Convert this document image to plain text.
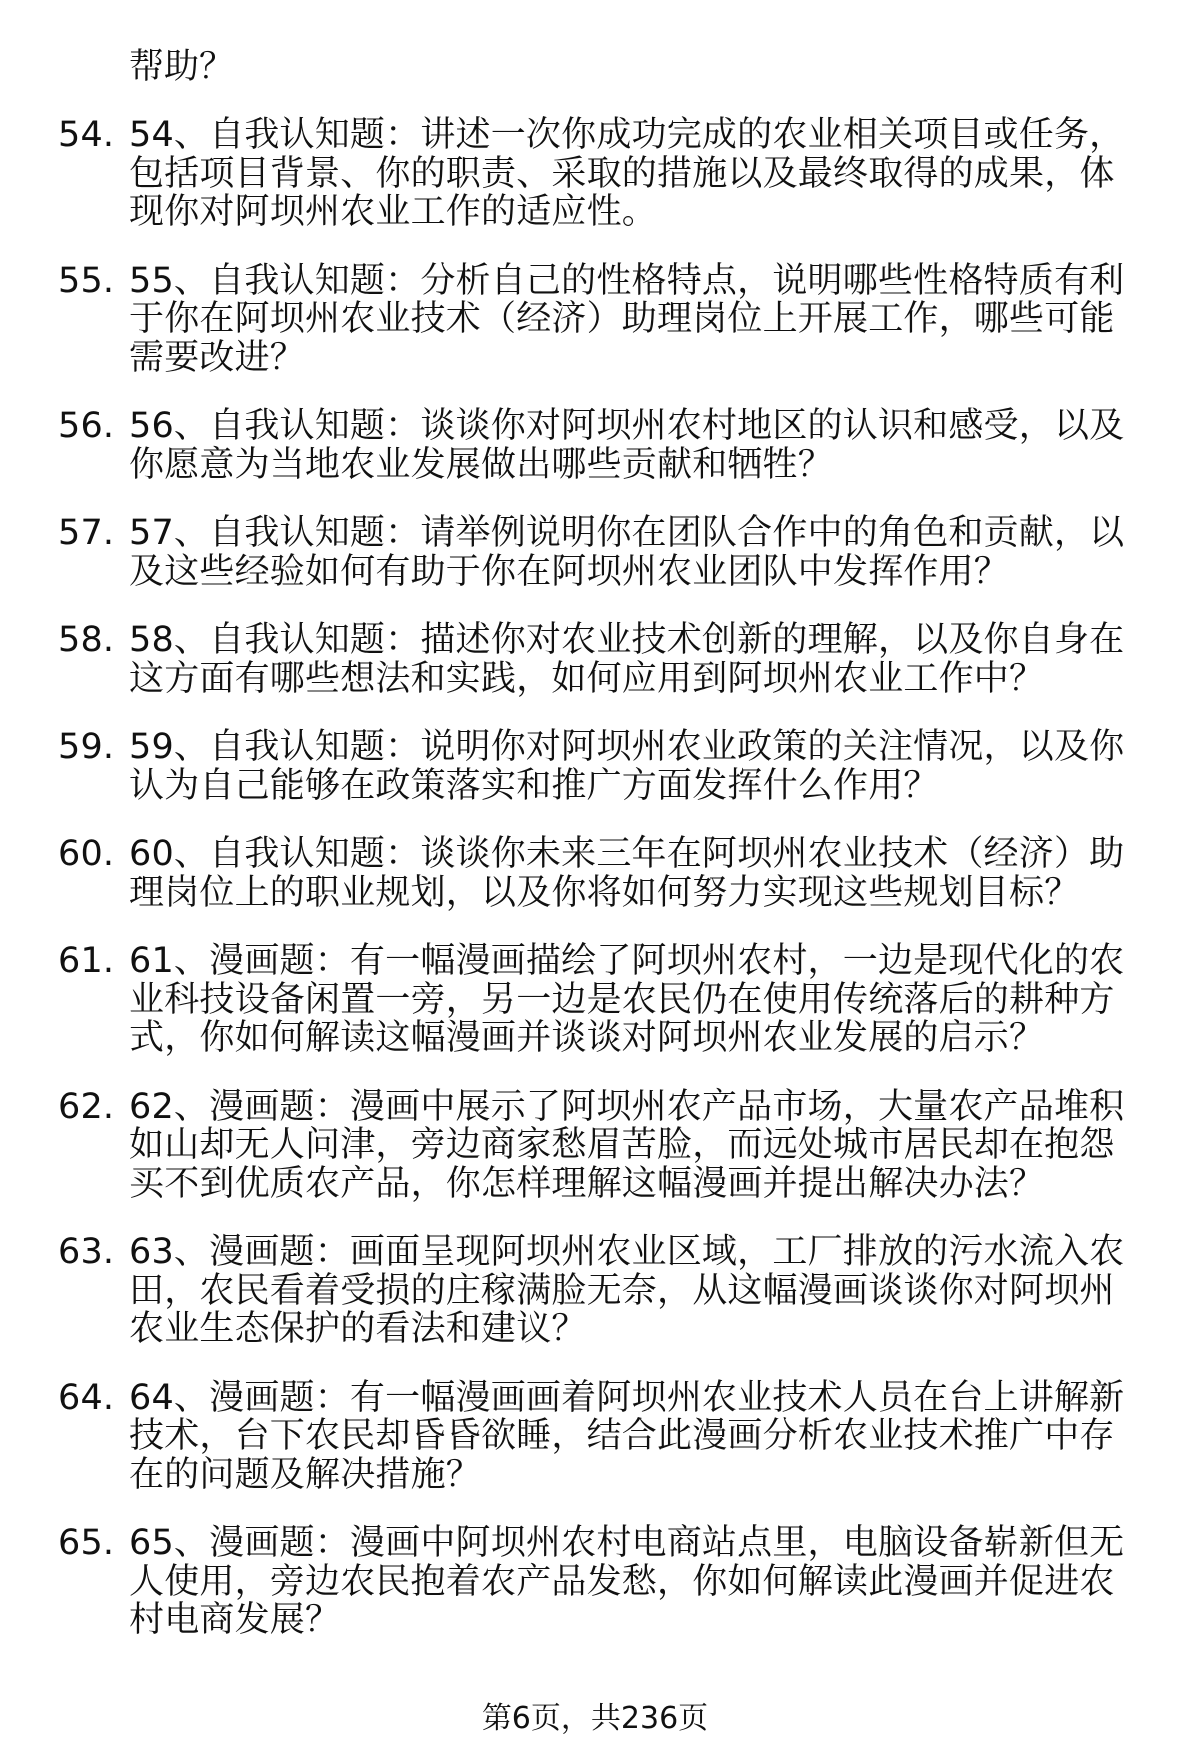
帮助？
54. 54、自我认知题：讲述一次你成功完成的农业相关项目或任务，包括项目背景、你的职责、采取的措施以及最终取得的成果，体现你对阿坝州农业工作的适应性。
55. 55、自我认知题：分析自己的性格特点，说明哪些性格特质有利于你在阿坝州农业技术（经济）助理岗位上开展工作，哪些可能需要改进？
56. 56、自我认知题：谈谈你对阿坝州农村地区的认识和感受，以及你愿意为当地农业发展做出哪些贡献和牺牲？
57. 57、自我认知题：请举例说明你在团队合作中的角色和贡献，以及这些经验如何有助于你在阿坝州农业团队中发挥作用？
58. 58、自我认知题：描述你对农业技术创新的理解，以及你自身在这方面有哪些想法和实践，如何应用到阿坝州农业工作中？
59. 59、自我认知题：说明你对阿坝州农业政策的关注情况，以及你认为自己能够在政策落实和推广方面发挥什么作用？
60. 60、自我认知题：谈谈你未来三年在阿坝州农业技术（经济）助理岗位上的职业规划，以及你将如何努力实现这些规划目标？
61. 61、漫画题：有一幅漫画描绘了阿坝州农村，一边是现代化的农业科技设备闲置一旁，另一边是农民仍在使用传统落后的耕种方式，你如何解读这幅漫画并谈谈对阿坝州农业发展的启示？
62. 62、漫画题：漫画中展示了阿坝州农产品市场，大量农产品堆积如山却无人问津，旁边商家愁眉苦脸，而远处城市居民却在抱怨买不到优质农产品，你怎样理解这幅漫画并提出解决办法？
63. 63、漫画题：画面呈现阿坝州农业区域，工厂排放的污水流入农田，农民看着受损的庄稼满脸无奈，从这幅漫画谈谈你对阿坝州农业生态保护的看法和建议？
64. 64、漫画题：有一幅漫画画着阿坝州农业技术人员在台上讲解新技术，台下农民却昏昏欲睡，结合此漫画分析农业技术推广中存在的问题及解决措施？
65. 65、漫画题：漫画中阿坝州农村电商站点里，电脑设备崭新但无人使用，旁边农民抱着农产品发愁，你如何解读此漫画并促进农村电商发展？
第6页，共236页
